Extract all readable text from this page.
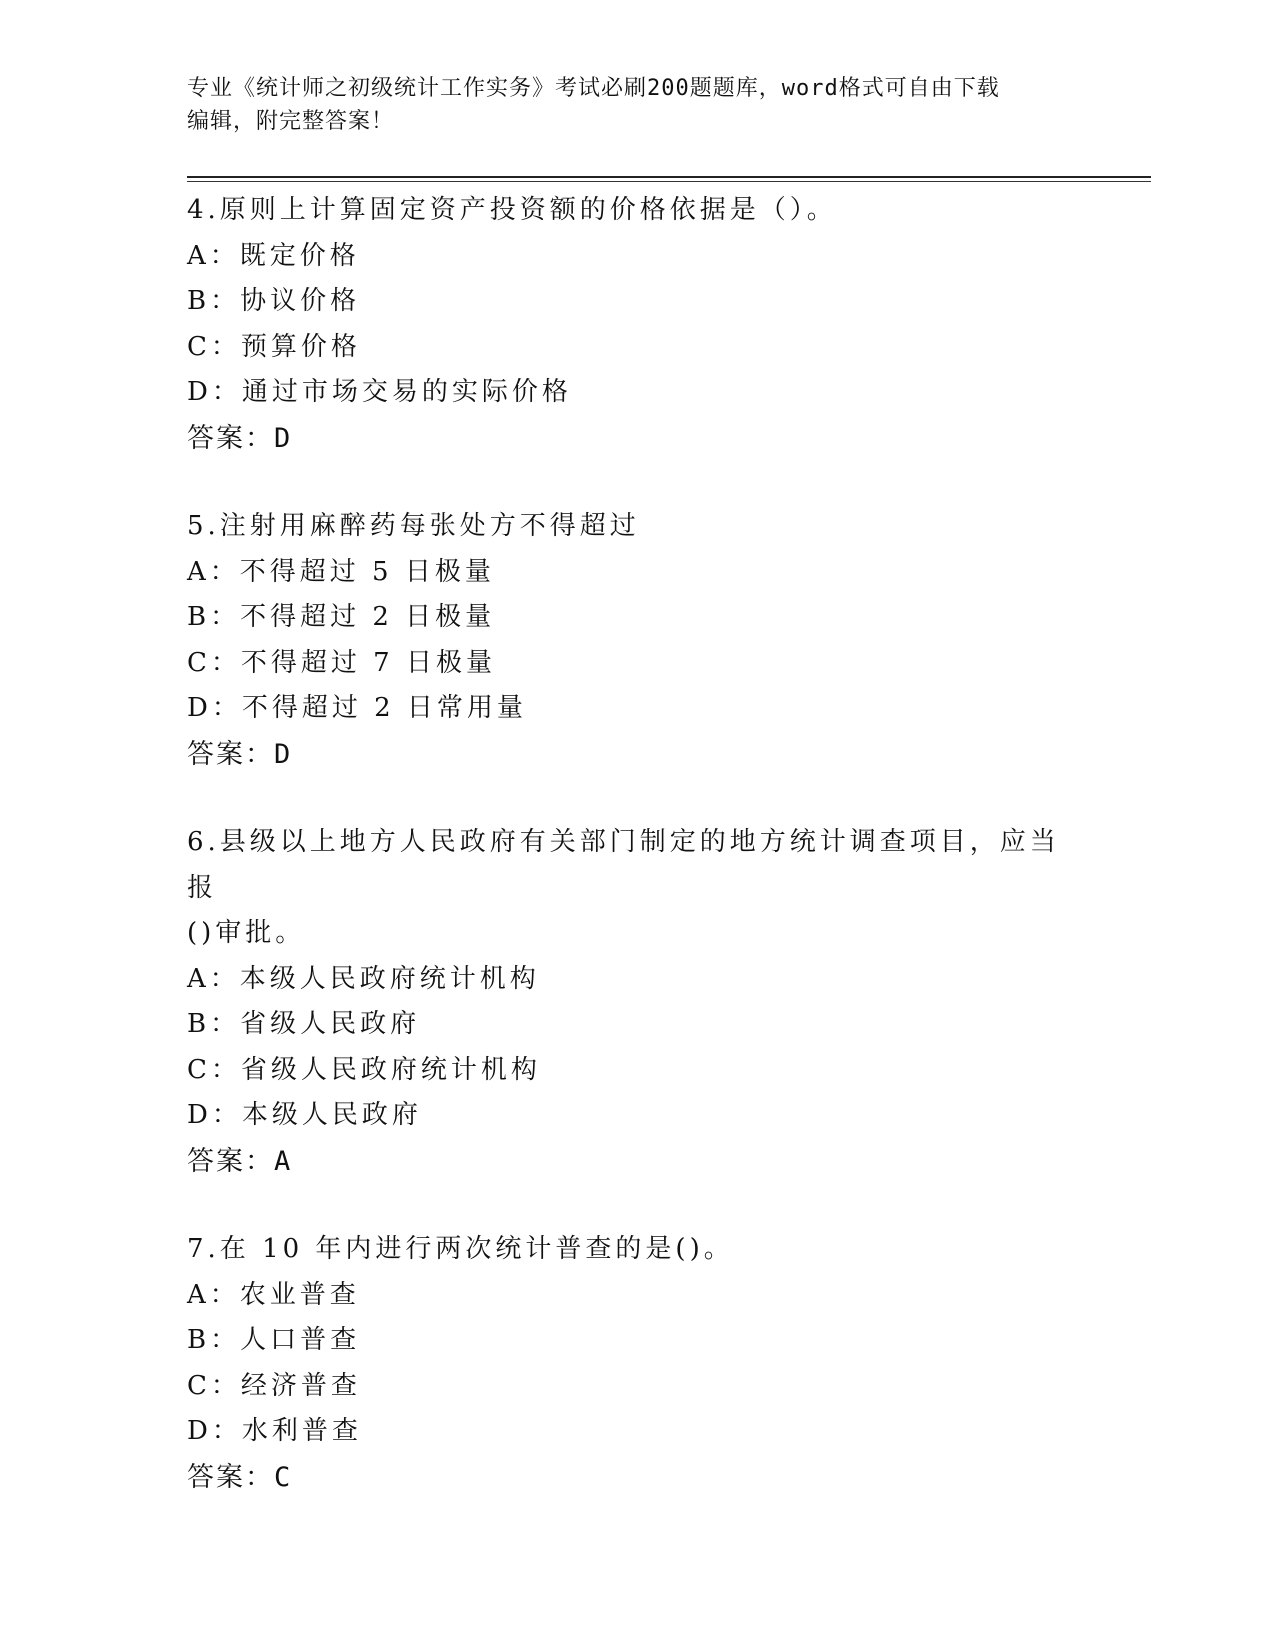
专业《统计师之初级统计工作实务》考试必刷200题题库，word格式可自由下载
编辑，附完整答案！
4.原则上计算固定资产投资额的价格依据是（）。
A：既定价格
B：协议价格
C：预算价格
D：通过市场交易的实际价格
答案：D
5.注射用麻醉药每张处方不得超过
A：不得超过 5 日极量
B：不得超过 2 日极量
C：不得超过 7 日极量
D：不得超过 2 日常用量
答案：D
6.县级以上地方人民政府有关部门制定的地方统计调查项目，应当报
()审批。
A：本级人民政府统计机构
B：省级人民政府
C：省级人民政府统计机构
D：本级人民政府
答案：A
7.在 10 年内进行两次统计普查的是()。
A：农业普查
B：人口普查
C：经济普查
D：水利普查
答案：C
